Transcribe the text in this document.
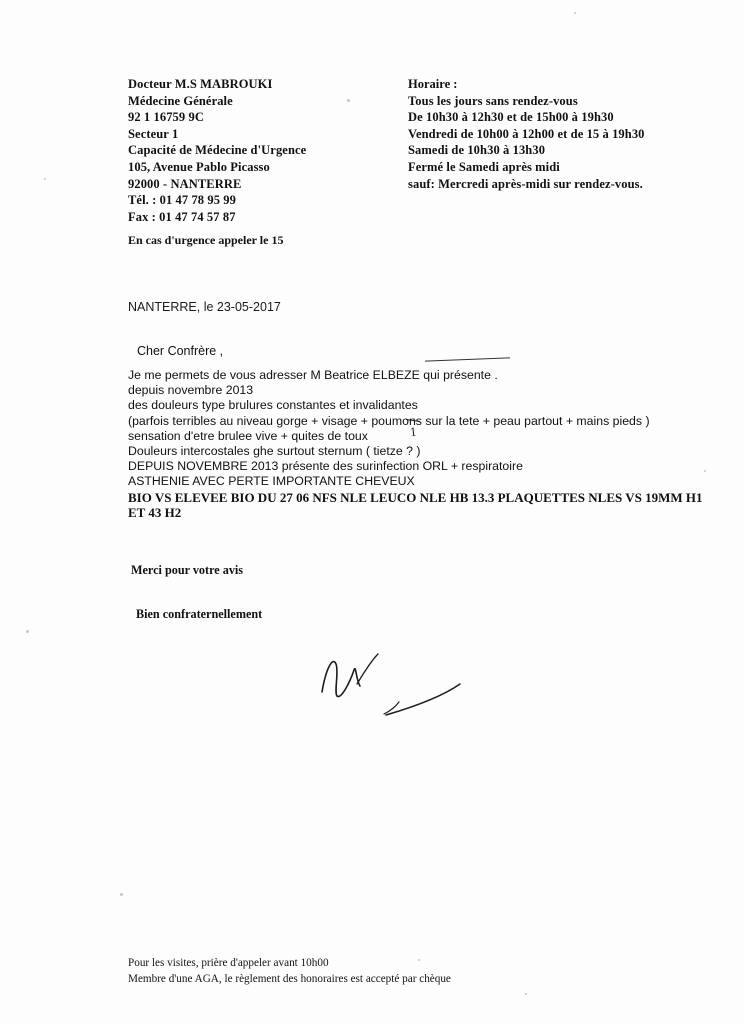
Docteur M.S MABROUKI
Médecine Générale
92 1 16759 9C
Secteur 1
Capacité de Médecine d'Urgence
105, Avenue Pablo Picasso
92000 - NANTERRE
Tél. : 01 47 78 95 99
Fax : 01 47 74 57 87
Horaire :
Tous les jours sans rendez-vous
De 10h30 à 12h30 et de 15h00 à 19h30
Vendredi de 10h00 à 12h00 et de 15 à 19h30
Samedi de 10h30 à 13h30
Fermé le Samedi après midi
sauf: Mercredi après-midi sur rendez-vous.
En cas d'urgence appeler le 15
NANTERRE, le 23-05-2017
Cher Confrère ,
Je me permets de vous adresser M Beatrice ELBEZE qui présente .
depuis novembre 2013
des douleurs type brulures constantes et invalidantes
(parfois terribles au niveau gorge + visage + poumons sur la tete + peau partout + mains pieds )
sensation d'etre brulee vive + quites de toux
Douleurs intercostales ghe surtout sternum ( tietze ? )
DEPUIS NOVEMBRE 2013 présente des surinfection ORL + respiratoire
ASTHENIE AVEC PERTE IMPORTANTE CHEVEUX
BIO VS ELEVEE BIO DU 27 06 NFS NLE LEUCO NLE HB 13.3 PLAQUETTES NLES VS 19MM H1
ET 43 H2
1
Merci pour votre avis
Bien confraternellement
Pour les visites, prière d'appeler avant 10h00
Membre d'une AGA, le règlement des honoraires est accepté par chèque
